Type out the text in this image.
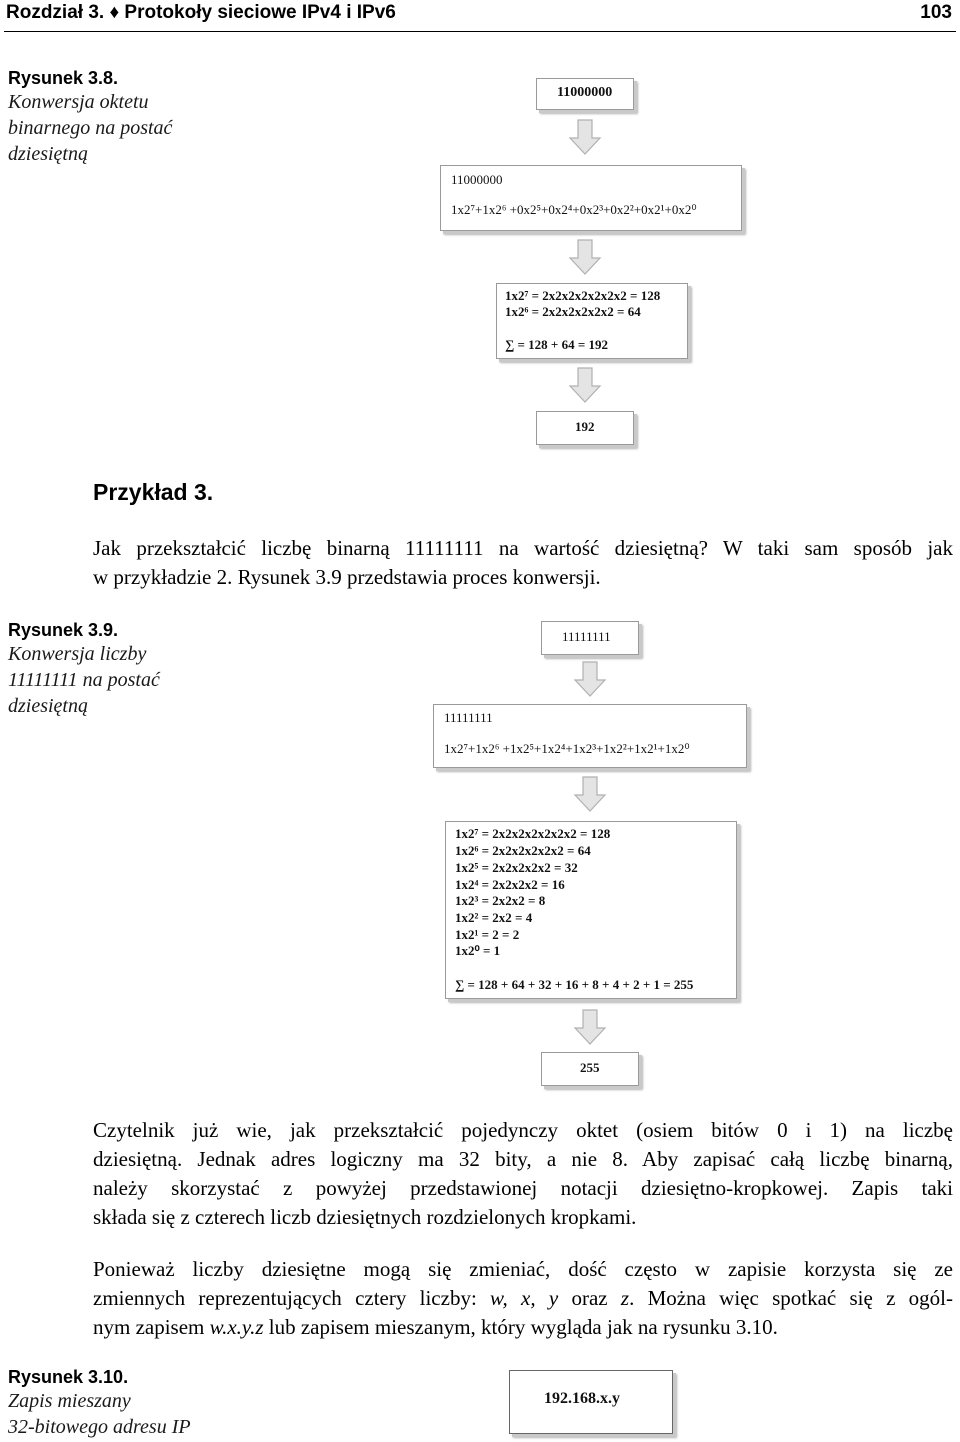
Rozdział 3. ♦ Protokoły sieciowe IPv4 i IPv6	103
Rysunek 3.8.
Konwersja oktetu
binarnego na postać
dziesiętną
11000000
11000000
1x2⁷+1x2⁶ +0x2⁵+0x2⁴+0x2³+0x2²+0x2¹+0x2⁰
1x2⁷ = 2x2x2x2x2x2x2 = 128
1x2⁶ = 2x2x2x2x2x2 = 64
∑ = 128 + 64 = 192
192
Przykład 3.
Jak przekształcić liczbę binarną 11111111 na wartość dziesiętną? W taki sam sposób jak
w przykładzie 2. Rysunek 3.9 przedstawia proces konwersji.
Rysunek 3.9.
Konwersja liczby
11111111 na postać
dziesiętną
11111111
11111111
1x2⁷+1x2⁶ +1x2⁵+1x2⁴+1x2³+1x2²+1x2¹+1x2⁰
1x2⁷ = 2x2x2x2x2x2x2 = 128
1x2⁶ = 2x2x2x2x2x2 = 64
1x2⁵ = 2x2x2x2x2 = 32
1x2⁴ = 2x2x2x2 = 16
1x2³ = 2x2x2 = 8
1x2² = 2x2 = 4
1x2¹ = 2 = 2
1x2⁰ = 1
∑ = 128 + 64 + 32 + 16 + 8 + 4 + 2 + 1 = 255
255
Czytelnik już wie, jak przekształcić pojedynczy oktet (osiem bitów 0 i 1) na liczbę
dziesiętną. Jednak adres logiczny ma 32 bity, a nie 8. Aby zapisać całą liczbę binarną,
należy skorzystać z powyżej przedstawionej notacji dziesiętno-kropkowej. Zapis taki
składa się z czterech liczb dziesiętnych rozdzielonych kropkami.
Ponieważ liczby dziesiętne mogą się zmieniać, dość często w zapisie korzysta się ze
zmiennych reprezentujących cztery liczby: w, x, y oraz z. Można więc spotkać się z ogól-
nym zapisem w.x.y.z lub zapisem mieszanym, który wygląda jak na rysunku 3.10.
Rysunek 3.10.
Zapis mieszany
32-bitowego adresu IP
192.168.x.y
